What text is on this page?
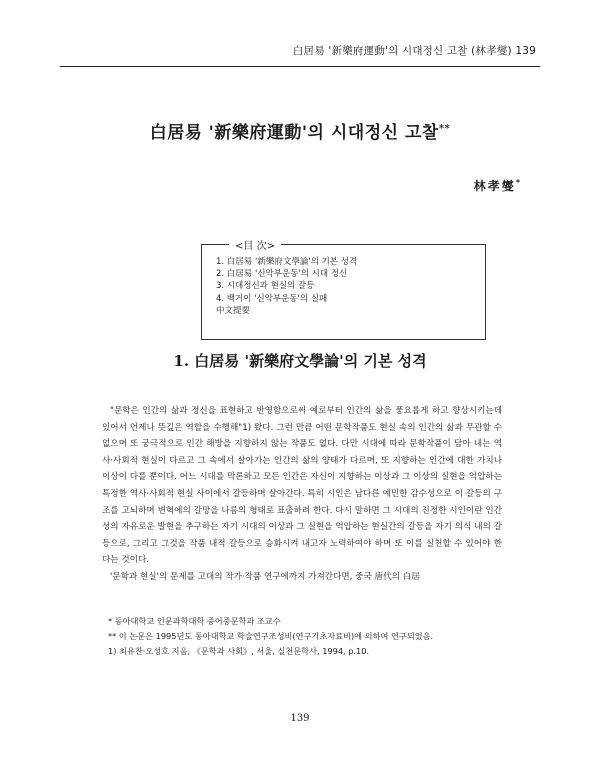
白居易 '新樂府運動'의 시대정신 고찰 (林孝燮) 139
白居易 '新樂府運動'의 시대정신 고찰**
林孝燮*
<目 次>
1. 白居易 '新樂府文學論'의 기본 성격
2. 白居易 '신악부운동'의 시대 정신
3. 시대정신과 현실의 갈등
4. 백거이 '신악부운동'의 실패
中文提要
1. 白居易 '新樂府文學論'의 기본 성격

"문학은 인간의 삶과 정신을 표현하고 반영함으로써 예로부터 인간의 삶을 풍요롭게 하고 향상시키는데 있어서 언제나 뜻깊은 역할을 수행해"1) 왔다. 그런 만큼 어떤 문학작품도 현실 속의 인간의 삶과 무관할 수 없으며 또 궁극적으로 인간 해방을 지향하지 않는 작품도 없다. 다만 시대에 따라 문학작품이 담아 내는 역사·사회적 현실이 다르고 그 속에서 살아가는 인간의 삶의 양태가 다르며, 또 지향하는 인간에 대한 가치나 이상이 다를 뿐이다. 어느 시대를 막론하고 모든 인간은 자신이 지향하는 이상과 그 이상의 실현을 억압하는 특정한 역사·사회적 현실 사이에서 갈등하며 살아간다. 특히 시인은 남다른 예민한 감수성으로 이 갈등의 구조를 고뇌하며 변혁에의 갈망을 나름의 형태로 표출하려 한다. 다시 말하면 그 시대의 진정한 시인이란 인간성의 자유로운 발현을 추구하는 자기 시대의 이상과 그 실현을 억압하는 현실간의 갈등을 자기 의식 내의 갈등으로, 그리고 그것을 작품 내적 갈등으로 승화시켜 내고자 노력하여야 하며 또 이를 실천할 수 있어야 한다는 것이다.

'문학과 현실'의 문제를 고대의 작가·작품 연구에까지 가져간다면, 중국 唐代의 白居

* 동아대학교 인문과학대학 중어중문학과 조교수
** 이 논문은 1995년도 동아대학교 학술연구조성비(연구기초자료비)에 의하여 연구되었음.
1) 최유찬·오성호 지음, 《문학과 사회》, 서울, 실천문학사, 1994, p.10.
139
